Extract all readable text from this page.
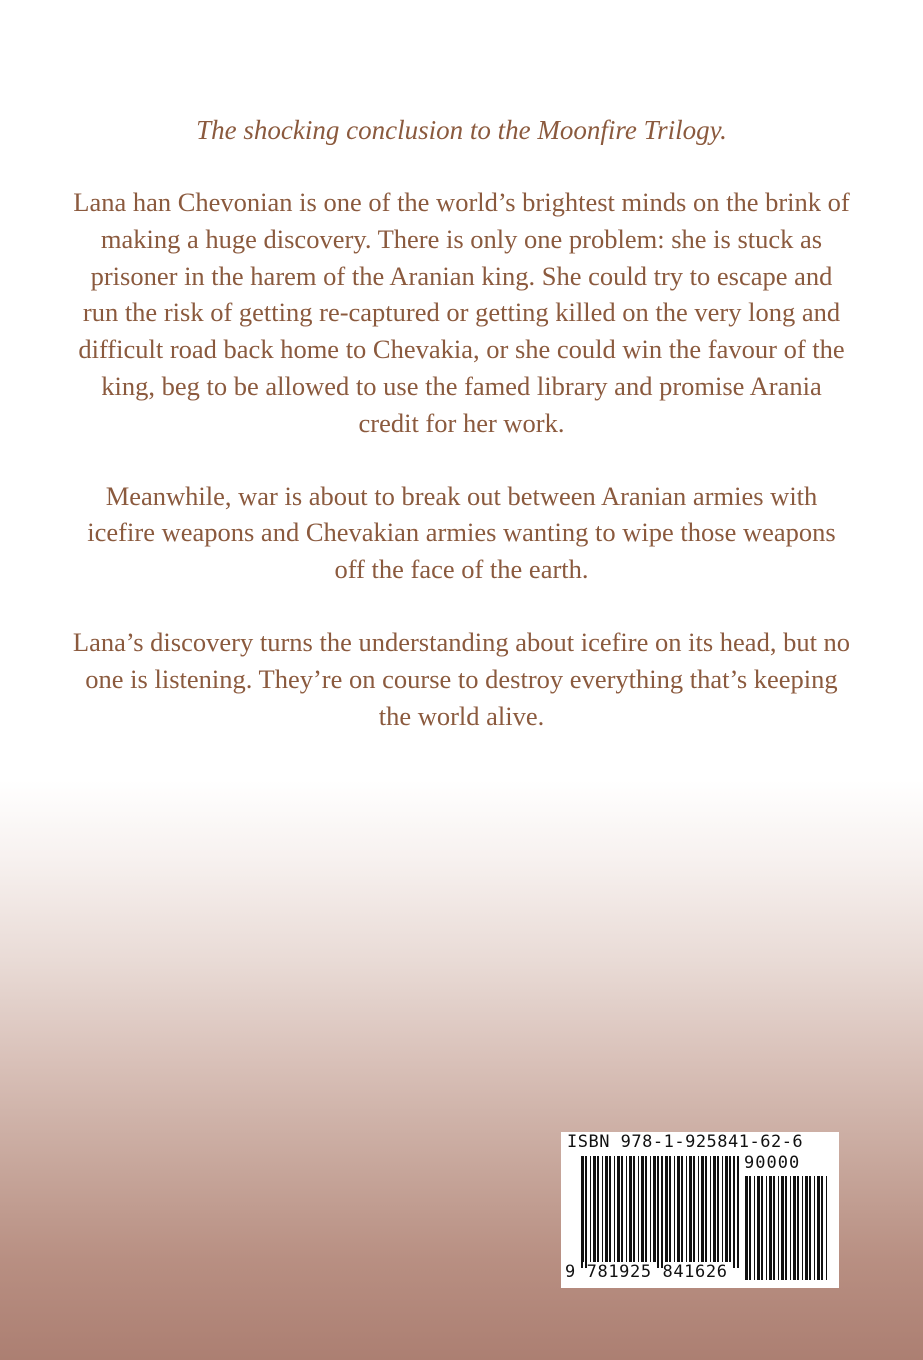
The shocking conclusion to the Moonfire Trilogy.

Lana han Chevonian is one of the world’s brightest minds on the brink of making a huge discovery. There is only one problem: she is stuck as prisoner in the harem of the Aranian king. She could try to escape and run the risk of getting re-captured or getting killed on the very long and difficult road back home to Chevakia, or she could win the favour of the king, beg to be allowed to use the famed library and promise Arania credit for her work.

Meanwhile, war is about to break out between Aranian armies with icefire weapons and Chevakian armies wanting to wipe those weapons off the face of the earth.

Lana’s discovery turns the understanding about icefire on its head, but no one is listening. They’re on course to destroy everything that’s keeping the world alive.

ISBN 978-1-925841-62-6
90000
9 781925 841626
